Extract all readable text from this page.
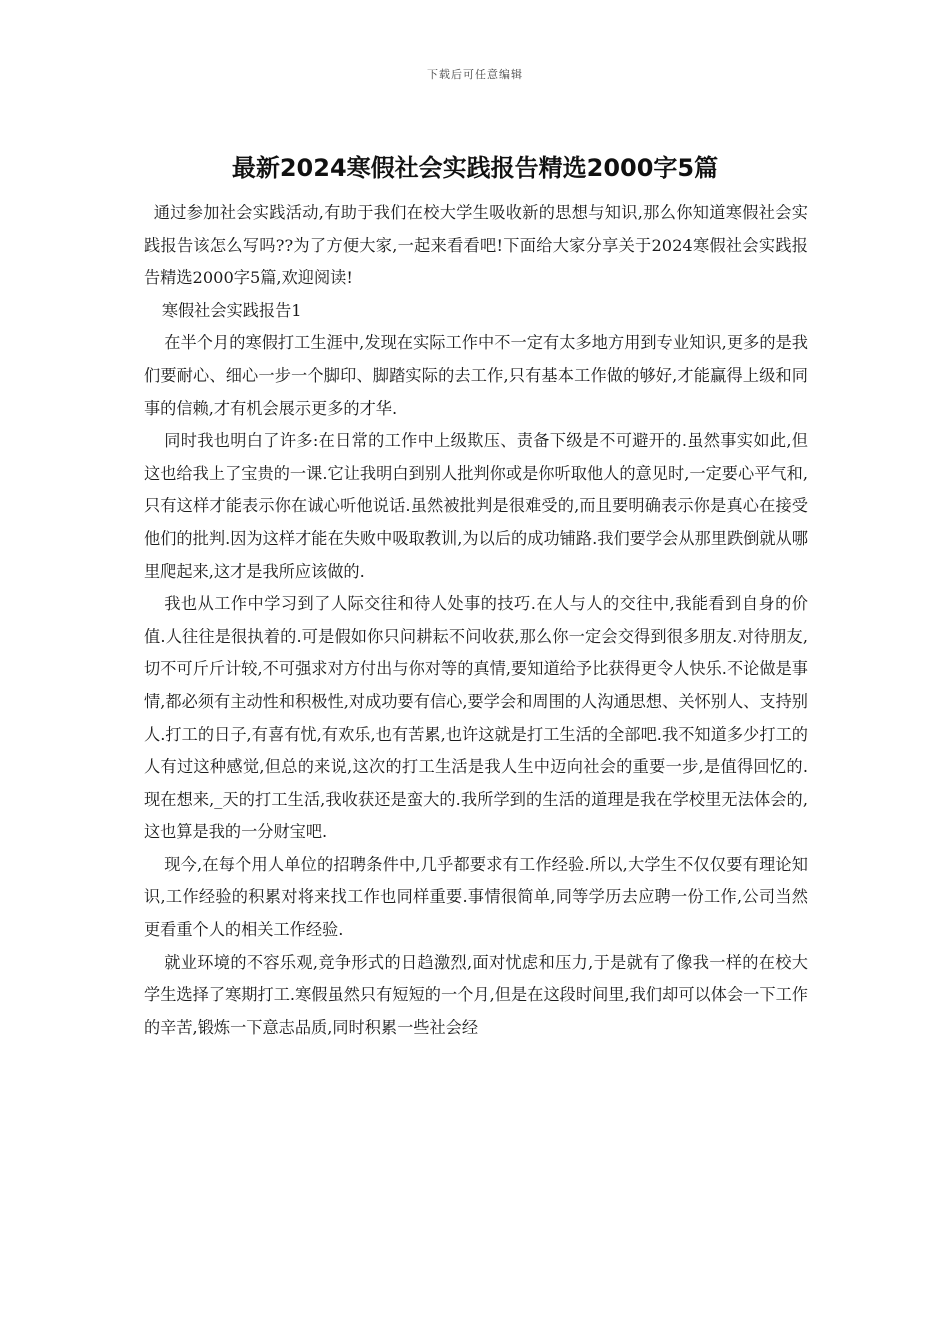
下载后可任意编辑
最新2024寒假社会实践报告精选2000字5篇

通过参加社会实践活动,有助于我们在校大学生吸收新的思想与知识,那么你知道寒假社会实践报告该怎么写吗??为了方便大家,一起来看看吧!下面给大家分享关于2024寒假社会实践报告精选2000字5篇,欢迎阅读!

寒假社会实践报告1

在半个月的寒假打工生涯中,发现在实际工作中不一定有太多地方用到专业知识,更多的是我们要耐心、细心一步一个脚印、脚踏实际的去工作,只有基本工作做的够好,才能赢得上级和同事的信赖,才有机会展示更多的才华.

同时我也明白了许多:在日常的工作中上级欺压、责备下级是不可避开的.虽然事实如此,但这也给我上了宝贵的一课.它让我明白到别人批判你或是你听取他人的意见时,一定要心平气和,只有这样才能表示你在诚心听他说话.虽然被批判是很难受的,而且要明确表示你是真心在接受他们的批判.因为这样才能在失败中吸取教训,为以后的成功铺路.我们要学会从那里跌倒就从哪里爬起来,这才是我所应该做的.

我也从工作中学习到了人际交往和待人处事的技巧.在人与人的交往中,我能看到自身的价值.人往往是很执着的.可是假如你只问耕耘不问收获,那么你一定会交得到很多朋友.对待朋友,切不可斤斤计较,不可强求对方付出与你对等的真情,要知道给予比获得更令人快乐.不论做是事情,都必须有主动性和积极性,对成功要有信心,要学会和周围的人沟通思想、关怀别人、支持别人.打工的日子,有喜有忧,有欢乐,也有苦累,也许这就是打工生活的全部吧.我不知道多少打工的人有过这种感觉,但总的来说,这次的打工生活是我人生中迈向社会的重要一步,是值得回忆的.现在想来,_天的打工生活,我收获还是蛮大的.我所学到的生活的道理是我在学校里无法体会的,这也算是我的一分财宝吧.

现今,在每个用人单位的招聘条件中,几乎都要求有工作经验.所以,大学生不仅仅要有理论知识,工作经验的积累对将来找工作也同样重要.事情很简单,同等学历去应聘一份工作,公司当然更看重个人的相关工作经验.

就业环境的不容乐观,竞争形式的日趋激烈,面对忧虑和压力,于是就有了像我一样的在校大学生选择了寒期打工.寒假虽然只有短短的一个月,但是在这段时间里,我们却可以体会一下工作的辛苦,锻炼一下意志品质,同时积累一些社会经
